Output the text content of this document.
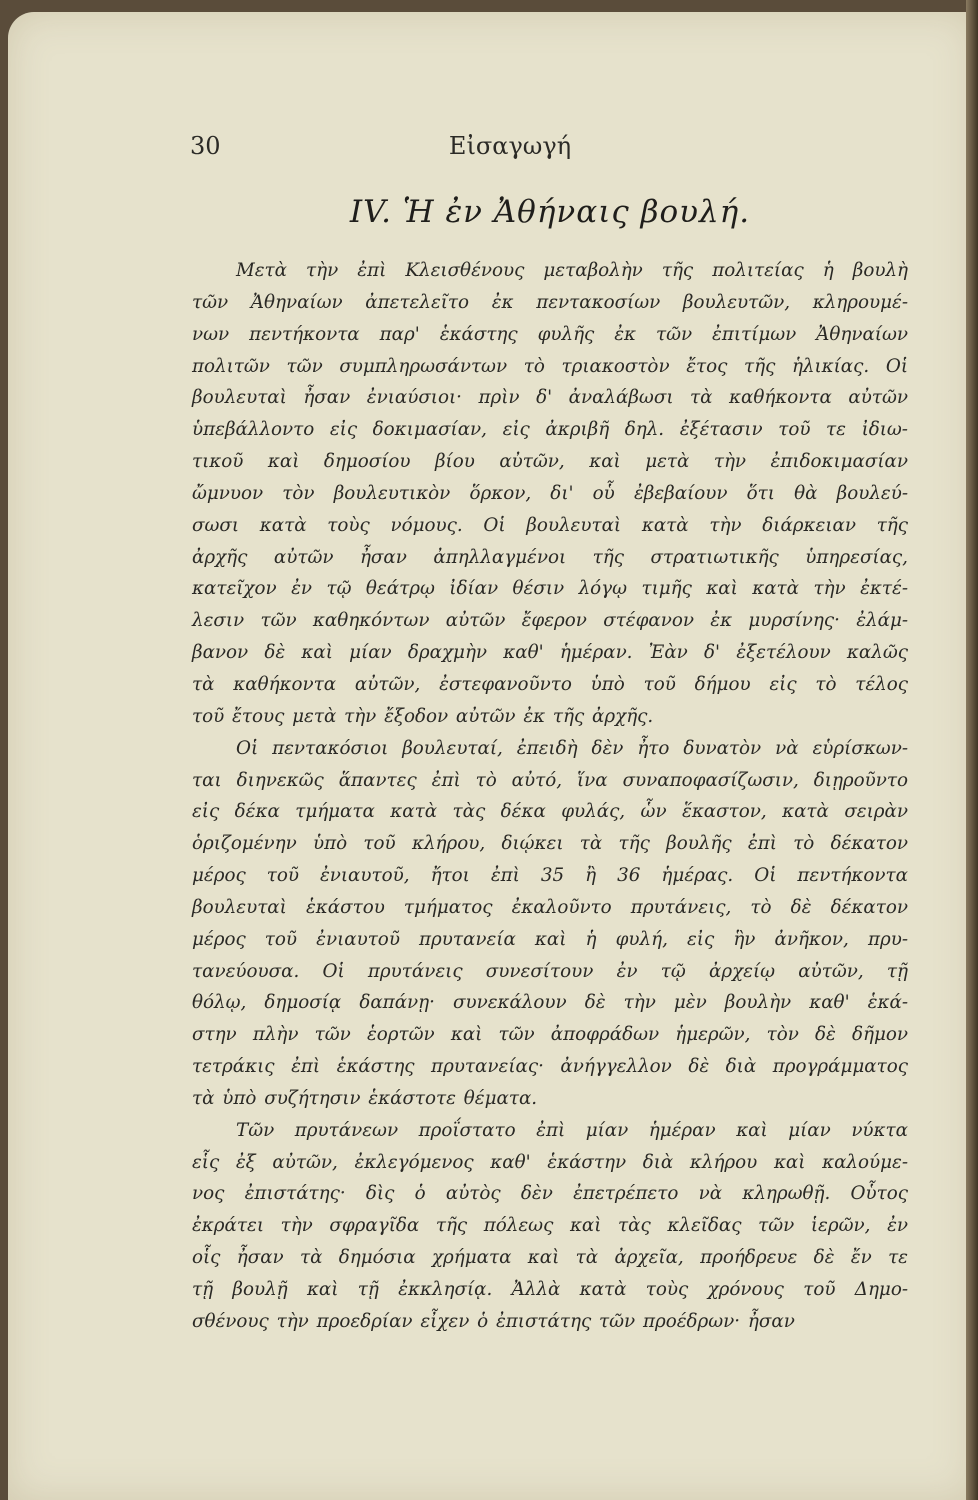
30	Εἰσαγωγή
IV. Ἡ ἐν Ἀθήναις βουλή.
Μετὰ τὴν ἐπὶ Κλεισθένους μεταβολὴν τῆς πολιτείας ἡ βουλὴ
τῶν Ἀθηναίων ἀπετελεῖτο ἐκ πεντακοσίων βουλευτῶν, κληρουμέ-
νων πεντήκοντα παρ' ἑκάστης φυλῆς ἐκ τῶν ἐπιτίμων Ἀθηναίων
πολιτῶν τῶν συμπληρωσάντων τὸ τριακοστὸν ἔτος τῆς ἡλικίας. Οἱ
βουλευταὶ ἦσαν ἐνιαύσιοι· πρὶν δ' ἀναλάβωσι τὰ καθήκοντα αὐτῶν
ὑπεβάλλοντο εἰς δοκιμασίαν, εἰς ἀκριβῆ δηλ. ἐξέτασιν τοῦ τε ἰδιω-
τικοῦ καὶ δημοσίου βίου αὐτῶν, καὶ μετὰ τὴν ἐπιδοκιμασίαν
ὤμνυον τὸν βουλευτικὸν ὅρκον, δι' οὗ ἐβεβαίουν ὅτι θὰ βουλεύ-
σωσι κατὰ τοὺς νόμους. Οἱ βουλευταὶ κατὰ τὴν διάρκειαν τῆς
ἀρχῆς αὐτῶν ἦσαν ἀπηλλαγμένοι τῆς στρατιωτικῆς ὑπηρεσίας,
κατεῖχον ἐν τῷ θεάτρῳ ἰδίαν θέσιν λόγῳ τιμῆς καὶ κατὰ τὴν ἐκτέ-
λεσιν τῶν καθηκόντων αὐτῶν ἔφερον στέφανον ἐκ μυρσίνης· ἐλάμ-
βανον δὲ καὶ μίαν δραχμὴν καθ' ἡμέραν. Ἐὰν δ' ἐξετέλουν καλῶς
τὰ καθήκοντα αὐτῶν, ἐστεφανοῦντο ὑπὸ τοῦ δήμου εἰς τὸ τέλος
τοῦ ἔτους μετὰ τὴν ἔξοδον αὐτῶν ἐκ τῆς ἀρχῆς.
Οἱ πεντακόσιοι βουλευταί, ἐπειδὴ δὲν ἦτο δυνατὸν νὰ εὑρίσκων-
ται διηνεκῶς ἅπαντες ἐπὶ τὸ αὐτό, ἵνα συναποφασίζωσιν, διῃροῦντο
εἰς δέκα τμήματα κατὰ τὰς δέκα φυλάς, ὧν ἕκαστον, κατὰ σειρὰν
ὁριζομένην ὑπὸ τοῦ κλήρου, διῴκει τὰ τῆς βουλῆς ἐπὶ τὸ δέκατον
μέρος τοῦ ἐνιαυτοῦ, ἤτοι ἐπὶ 35 ἢ 36 ἡμέρας. Οἱ πεντήκοντα
βουλευταὶ ἑκάστου τμήματος ἐκαλοῦντο πρυτάνεις, τὸ δὲ δέκατον
μέρος τοῦ ἐνιαυτοῦ πρυτανεία καὶ ἡ φυλή, εἰς ἣν ἀνῆκον, πρυ-
τανεύουσα. Οἱ πρυτάνεις συνεσίτουν ἐν τῷ ἀρχείῳ αὐτῶν, τῇ
θόλῳ, δημοσίᾳ δαπάνῃ· συνεκάλουν δὲ τὴν μὲν βουλὴν καθ' ἑκά-
στην πλὴν τῶν ἑορτῶν καὶ τῶν ἀποφράδων ἡμερῶν, τὸν δὲ δῆμον
τετράκις ἐπὶ ἑκάστης πρυτανείας· ἀνήγγελλον δὲ διὰ προγράμματος
τὰ ὑπὸ συζήτησιν ἑκάστοτε θέματα.
Τῶν πρυτάνεων προΐστατο ἐπὶ μίαν ἡμέραν καὶ μίαν νύκτα
εἷς ἐξ αὐτῶν, ἐκλεγόμενος καθ' ἑκάστην διὰ κλήρου καὶ καλούμε-
νος ἐπιστάτης· δὶς ὁ αὐτὸς δὲν ἐπετρέπετο νὰ κληρωθῇ. Οὗτος
ἐκράτει τὴν σφραγῖδα τῆς πόλεως καὶ τὰς κλεῖδας τῶν ἱερῶν, ἐν
οἷς ἦσαν τὰ δημόσια χρήματα καὶ τὰ ἀρχεῖα, προήδρευε δὲ ἔν τε
τῇ βουλῇ καὶ τῇ ἐκκλησίᾳ. Ἀλλὰ κατὰ τοὺς χρόνους τοῦ Δημο-
σθένους τὴν προεδρίαν εἶχεν ὁ ἐπιστάτης τῶν προέδρων· ἦσαν
